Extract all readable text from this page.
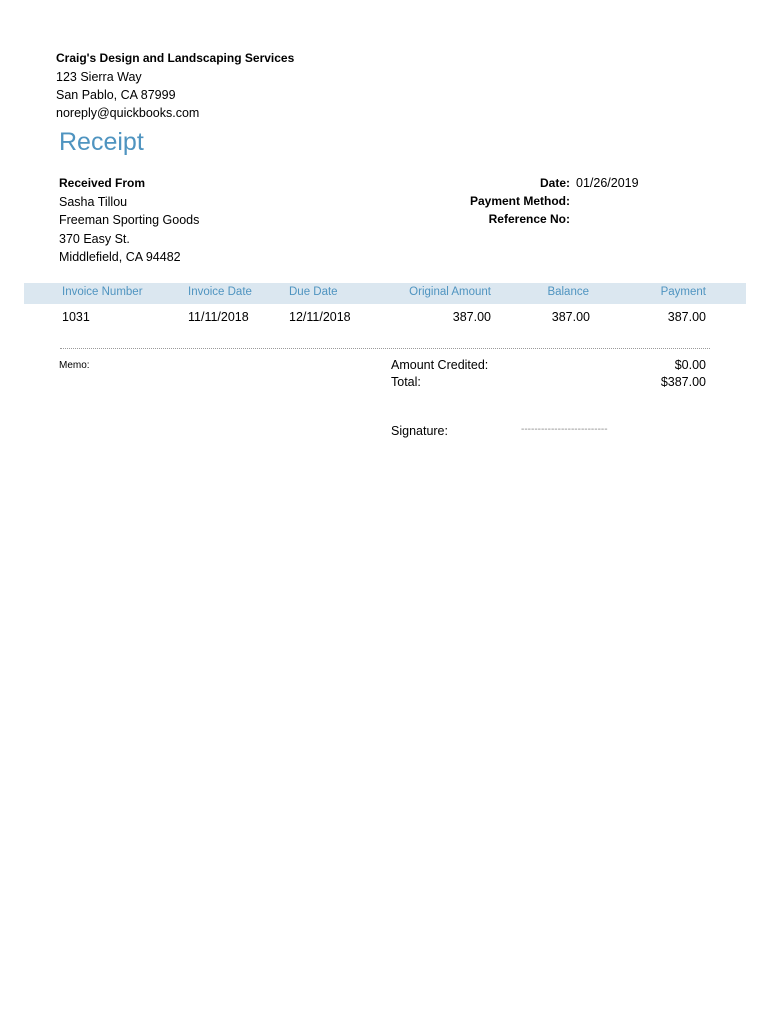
Craig's Design and Landscaping Services
123 Sierra Way
San Pablo, CA 87999
noreply@quickbooks.com
Receipt
Received From
Sasha Tillou
Freeman Sporting Goods
370 Easy St.
Middlefield, CA 94482
Date: 01/26/2019
Payment Method:
Reference No:
Invoice Number	Invoice Date	Due Date	Original Amount	Balance	Payment
1031	11/11/2018	12/11/2018	387.00	387.00	387.00
Memo:	Amount Credited:	$0.00
Total:	$387.00
Signature:	--------------------------
